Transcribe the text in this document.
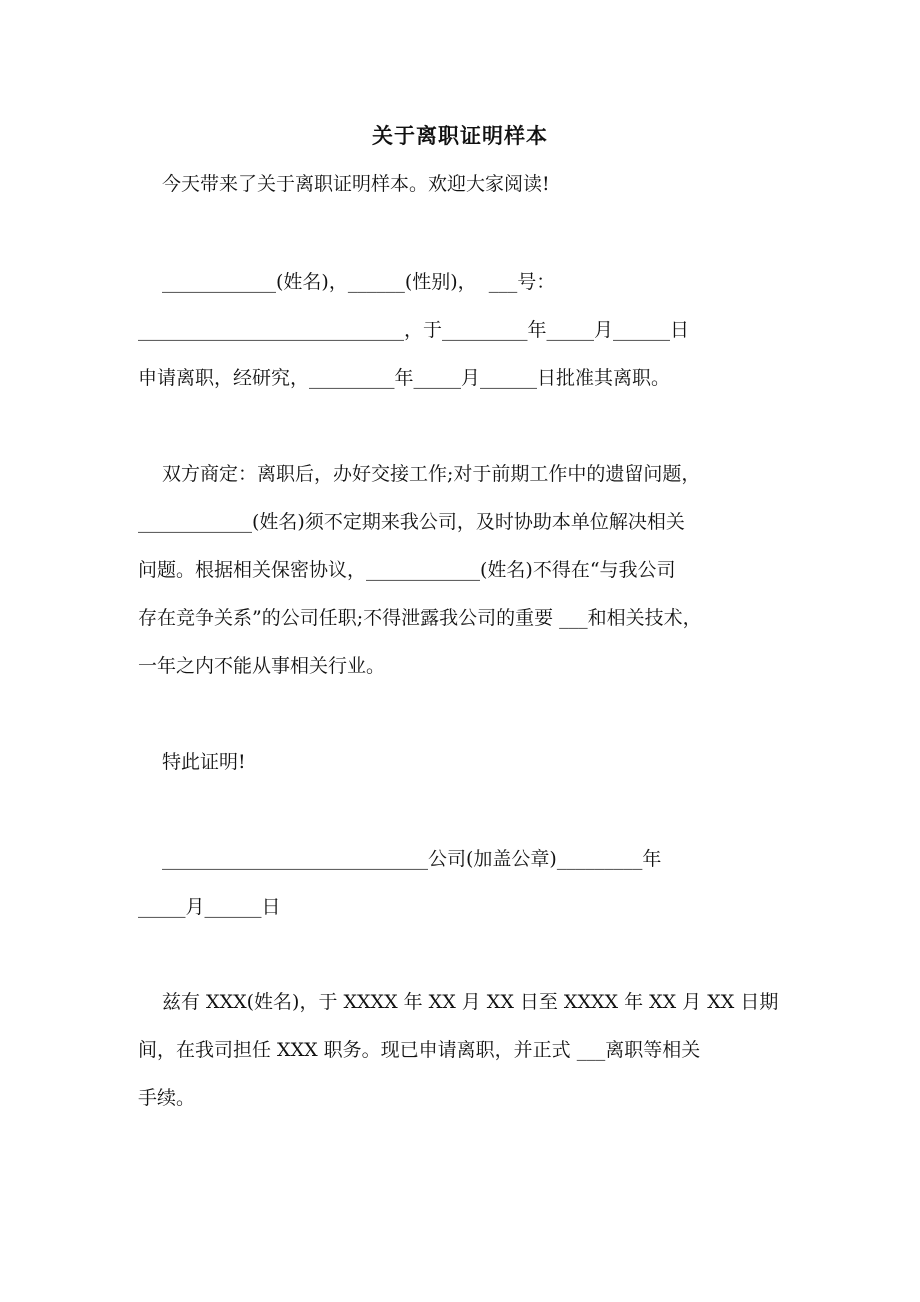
关于离职证明样本
今天带来了关于离职证明样本。欢迎大家阅读!
____________(姓名)，______(性别)，  ___号：
____________________________，于_________年_____月______日
申请离职，经研究，_________年_____月______日批准其离职。
双方商定：离职后，办好交接工作;对于前期工作中的遗留问题，
____________(姓名)须不定期来我公司，及时协助本单位解决相关
问题。根据相关保密协议，____________(姓名)不得在“与我公司
存在竞争关系”的公司任职;不得泄露我公司的重要 ___和相关技术，
一年之内不能从事相关行业。
特此证明!
____________________________公司(加盖公章)_________年
_____月______日
兹有 XXX(姓名)，于 XXXX 年 XX 月 XX 日至 XXXX 年 XX 月 XX 日期
间，在我司担任 XXX 职务。现已申请离职，并正式 ___离职等相关
手续。
